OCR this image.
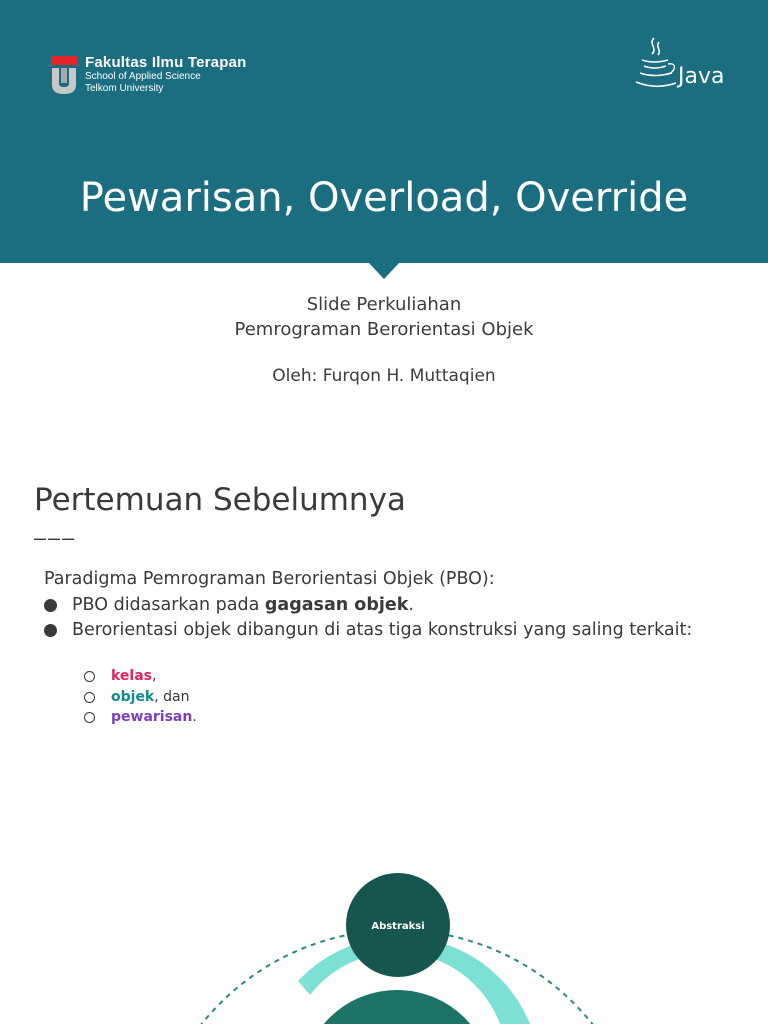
Fakultas Ilmu Terapan
School of Applied Science
Telkom University	Java
Pewarisan, Overload, Override
Slide Perkuliahan
Pemrograman Berorientasi Objek
Oleh: Furqon H. Muttaqien
Pertemuan Sebelumnya
———
Paradigma Pemrograman Berorientasi Objek (PBO):
PBO didasarkan pada gagasan objek.
Berorientasi objek dibangun di atas tiga konstruksi yang saling terkait:
kelas,
objek, dan
pewarisan.
Abstraksi
